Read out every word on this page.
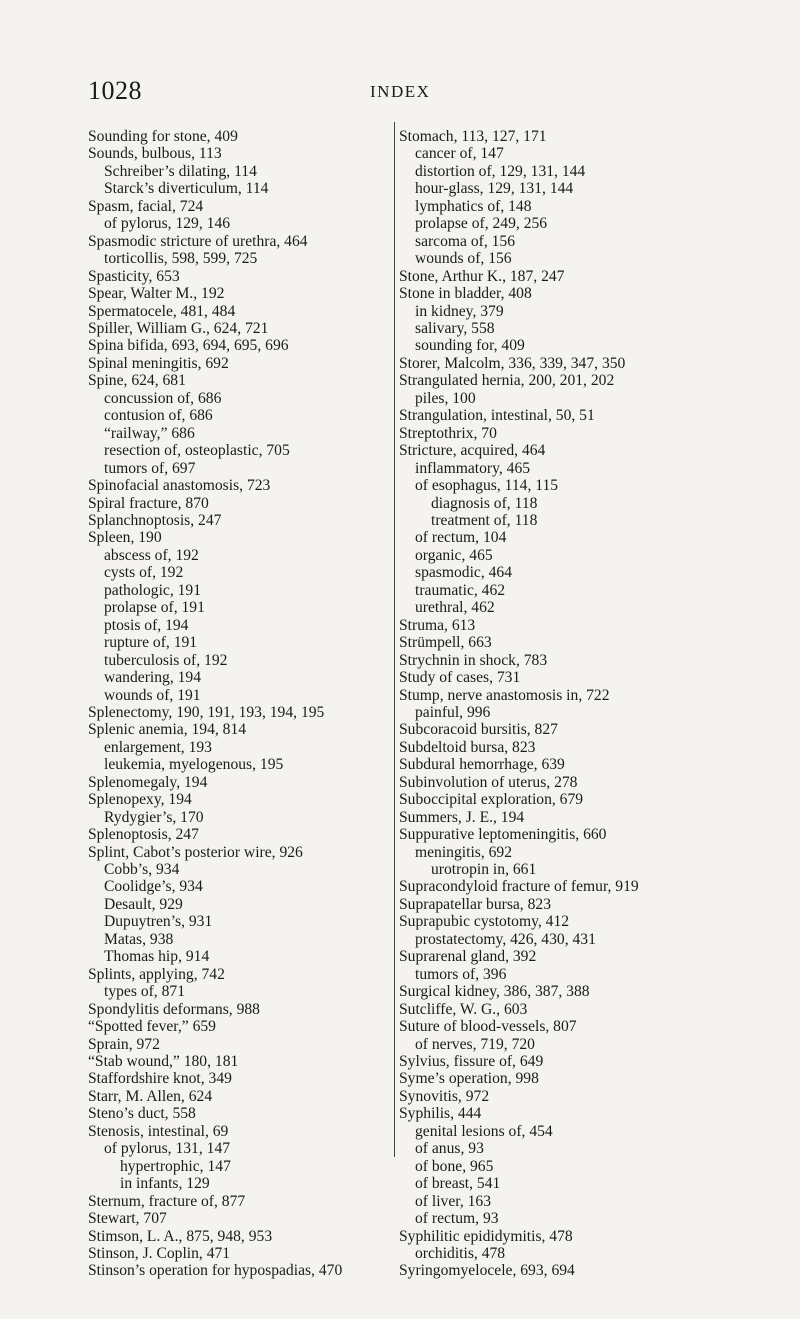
1028	INDEX
Sounding for stone, 409
Sounds, bulbous, 113
Schreiber’s dilating, 114
Starck’s diverticulum, 114
Spasm, facial, 724
of pylorus, 129, 146
Spasmodic stricture of urethra, 464
torticollis, 598, 599, 725
Spasticity, 653
Spear, Walter M., 192
Spermatocele, 481, 484
Spiller, William G., 624, 721
Spina bifida, 693, 694, 695, 696
Spinal meningitis, 692
Spine, 624, 681
concussion of, 686
contusion of, 686
“railway,” 686
resection of, osteoplastic, 705
tumors of, 697
Spinofacial anastomosis, 723
Spiral fracture, 870
Splanchnoptosis, 247
Spleen, 190
abscess of, 192
cysts of, 192
pathologic, 191
prolapse of, 191
ptosis of, 194
rupture of, 191
tuberculosis of, 192
wandering, 194
wounds of, 191
Splenectomy, 190, 191, 193, 194, 195
Splenic anemia, 194, 814
enlargement, 193
leukemia, myelogenous, 195
Splenomegaly, 194
Splenopexy, 194
Rydygier’s, 170
Splenoptosis, 247
Splint, Cabot’s posterior wire, 926
Cobb’s, 934
Coolidge’s, 934
Desault, 929
Dupuytren’s, 931
Matas, 938
Thomas hip, 914
Splints, applying, 742
types of, 871
Spondylitis deformans, 988
“Spotted fever,” 659
Sprain, 972
“Stab wound,” 180, 181
Staffordshire knot, 349
Starr, M. Allen, 624
Steno’s duct, 558
Stenosis, intestinal, 69
of pylorus, 131, 147
hypertrophic, 147
in infants, 129
Sternum, fracture of, 877
Stewart, 707
Stimson, L. A., 875, 948, 953
Stinson, J. Coplin, 471
Stinson’s operation for hypospadias, 470
Stomach, 113, 127, 171
cancer of, 147
distortion of, 129, 131, 144
hour-glass, 129, 131, 144
lymphatics of, 148
prolapse of, 249, 256
sarcoma of, 156
wounds of, 156
Stone, Arthur K., 187, 247
Stone in bladder, 408
in kidney, 379
salivary, 558
sounding for, 409
Storer, Malcolm, 336, 339, 347, 350
Strangulated hernia, 200, 201, 202
piles, 100
Strangulation, intestinal, 50, 51
Streptothrix, 70
Stricture, acquired, 464
inflammatory, 465
of esophagus, 114, 115
diagnosis of, 118
treatment of, 118
of rectum, 104
organic, 465
spasmodic, 464
traumatic, 462
urethral, 462
Struma, 613
Strümpell, 663
Strychnin in shock, 783
Study of cases, 731
Stump, nerve anastomosis in, 722
painful, 996
Subcoracoid bursitis, 827
Subdeltoid bursa, 823
Subdural hemorrhage, 639
Subinvolution of uterus, 278
Suboccipital exploration, 679
Summers, J. E., 194
Suppurative leptomeningitis, 660
meningitis, 692
urotropin in, 661
Supracondyloid fracture of femur, 919
Suprapatellar bursa, 823
Suprapubic cystotomy, 412
prostatectomy, 426, 430, 431
Suprarenal gland, 392
tumors of, 396
Surgical kidney, 386, 387, 388
Sutcliffe, W. G., 603
Suture of blood-vessels, 807
of nerves, 719, 720
Sylvius, fissure of, 649
Syme’s operation, 998
Synovitis, 972
Syphilis, 444
genital lesions of, 454
of anus, 93
of bone, 965
of breast, 541
of liver, 163
of rectum, 93
Syphilitic epididymitis, 478
orchiditis, 478
Syringomyelocele, 693, 694
